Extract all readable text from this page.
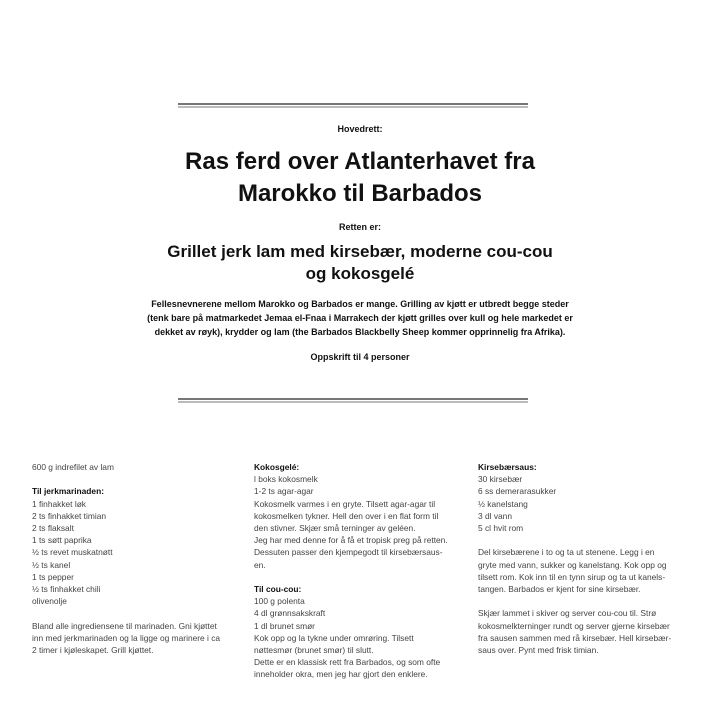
Hovedrett:
Ras ferd over Atlanterhavet fra
Marokko til Barbados
Retten er:
Grillet jerk lam med kirsebær, moderne cou-cou
og kokosgelé
Fellesnevnerene mellom Marokko og Barbados er mange. Grilling av kjøtt er utbredt begge steder
(tenk bare på matmarkedet Jemaa el-Fnaa i Marrakech der kjøtt grilles over kull og hele markedet er
dekket av røyk), krydder og lam (the Barbados Blackbelly Sheep kommer opprinnelig fra Afrika).
Oppskrift til 4 personer
600 g indrefilet av lam
Til jerkmarinaden:
1 finhakket løk
2 ts finhakket timian
2 ts flaksalt
1 ts søtt paprika
½ ts revet muskatnøtt
½ ts kanel
1 ts pepper
½ ts finhakket chili
olivenolje
Bland alle ingrediensene til marinaden. Gni kjøttet
inn med jerkmarinaden og la ligge og marinere i ca
2 timer i kjøleskapet. Grill kjøttet.
Kokosgelé:
l boks kokosmelk
1-2 ts agar-agar
Kokosmelk varmes i en gryte. Tilsett agar-agar til
kokosmelken tykner. Hell den over i en flat form til
den stivner. Skjær små terninger av geléen.
Jeg har med denne for å få et tropisk preg på retten.
Dessuten passer den kjempegodt til kirsebærsaus-
en.
Til cou-cou:
100 g polenta
4 dl grønnsakskraft
1 dl brunet smør
Kok opp og la tykne under omrøring. Tilsett
nøttesmør (brunet smør) til slutt.
Dette er en klassisk rett fra Barbados, og som ofte
inneholder okra, men jeg har gjort den enklere.
Kirsebærsaus:
30 kirsebær
6 ss demerarasukker
½ kanelstang
3 dl vann
5 cl hvit rom
Del kirsebærene i to og ta ut stenene. Legg i en
gryte med vann, sukker og kanelstang. Kok opp og
tilsett rom. Kok inn til en tynn sirup og ta ut kanels-
tangen. Barbados er kjent for sine kirsebær.
Skjær lammet i skiver og server cou-cou til. Strø
kokosmelkterninger rundt og server gjerne kirsebær
fra sausen sammen med rå kirsebær. Hell kirsebær-
saus over. Pynt med frisk timian.
